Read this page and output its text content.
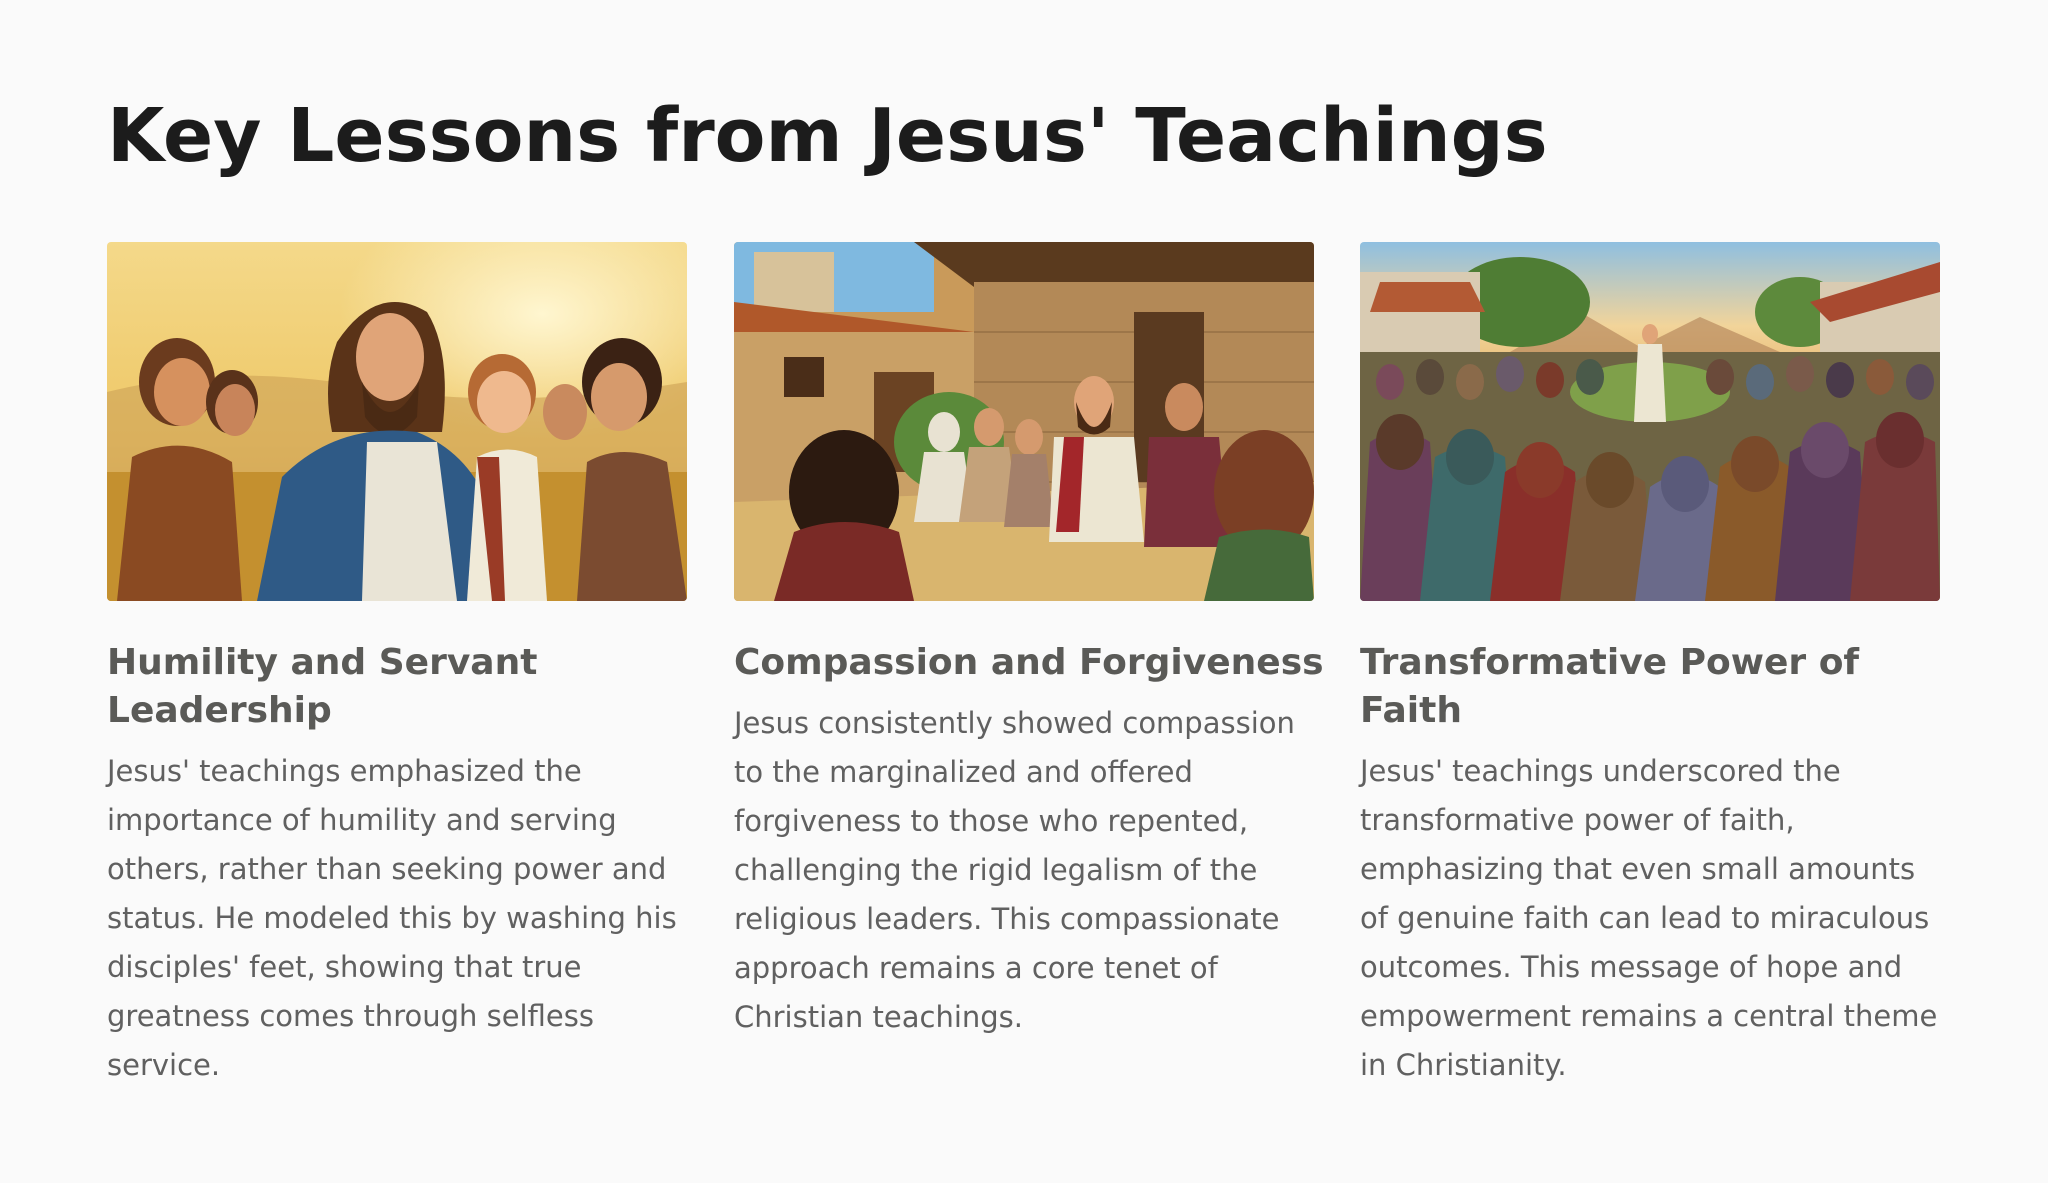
Key Lessons from Jesus' Teachings
Humility and Servant Leadership

Jesus' teachings emphasized the importance of humility and serving others, rather than seeking power and status. He modeled this by washing his disciples' feet, showing that true greatness comes through selfless service.

Compassion and Forgiveness

Jesus consistently showed compassion to the marginalized and offered forgiveness to those who repented, challenging the rigid legalism of the religious leaders. This compassionate approach remains a core tenet of Christian teachings.

Transformative Power of Faith

Jesus' teachings underscored the transformative power of faith, emphasizing that even small amounts of genuine faith can lead to miraculous outcomes. This message of hope and empowerment remains a central theme in Christianity.
